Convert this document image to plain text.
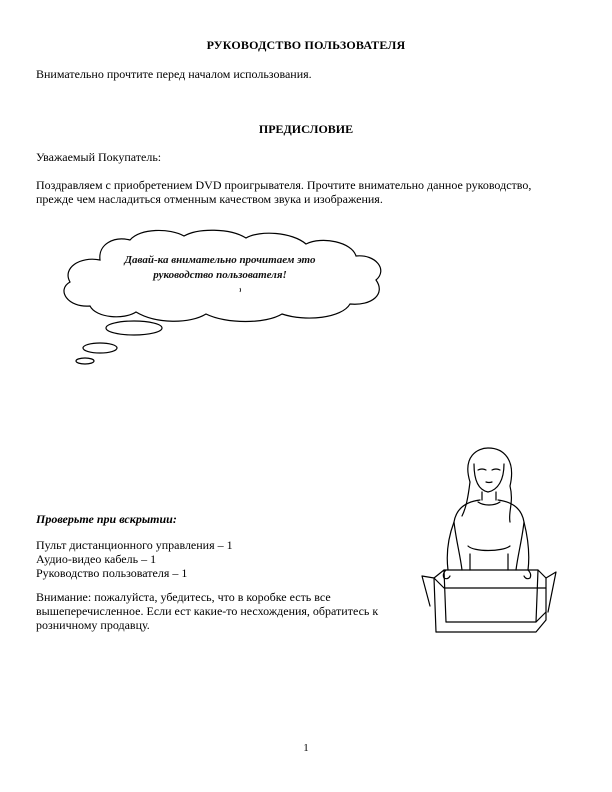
РУКОВОДСТВО ПОЛЬЗОВАТЕЛЯ
Внимательно прочтите перед началом использования.
ПРЕДИСЛОВИЕ
Уважаемый Покупатель:
Поздравляем с приобретением DVD проигрывателя. Прочтите внимательно данное руководство,
прежде чем насладиться отменным качеством звука и изображения.
Давай-ка внимательно прочитаем это
руководство пользователя!
Проверьте при вскрытии:
Пульт дистанционного управления – 1
Аудио-видео кабель – 1
Руководство пользователя – 1
Внимание: пожалуйста, убедитесь, что в коробке есть все
вышеперечисленное. Если ест какие-то несхождения, обратитесь к
розничному продавцу.
1
